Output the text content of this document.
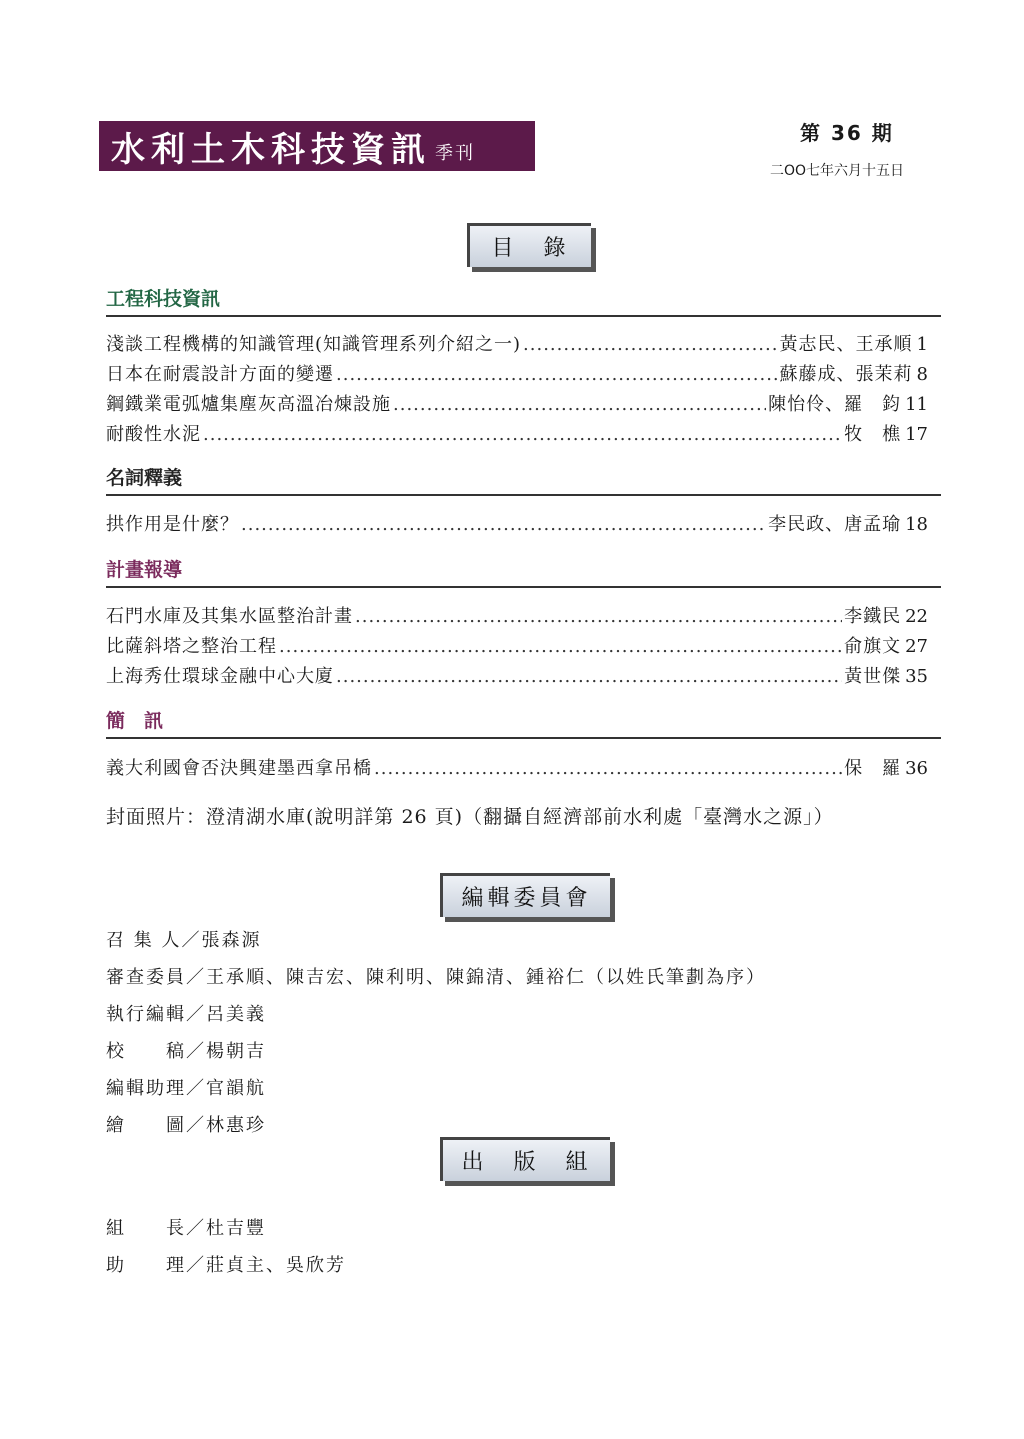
水利土木科技資訊 季刊
第 36 期
二OO七年六月十五日
目　錄
工程科技資訊
淺談工程機構的知識管理(知識管理系列介紹之一) .....	黃志民、王承順 1
日本在耐震設計方面的變遷 .....	蘇藤成、張茉莉 8
鋼鐵業電弧爐集塵灰高溫冶煉設施 .....	陳怡伶、羅　鈞 11
耐酸性水泥 .....	牧　樵 17
名詞釋義
拱作用是什麼？ .....	李民政、唐孟瑜 18
計畫報導
石門水庫及其集水區整治計畫 .....	李鐵民 22
比薩斜塔之整治工程 .....	俞旗文 27
上海秀仕環球金融中心大廈 .....	黃世傑 35
簡　訊
義大利國會否決興建墨西拿吊橋 .....	保　羅 36
封面照片：澄清湖水庫(說明詳第 26 頁)（翻攝自經濟部前水利處「臺灣水之源」）
編輯委員會
召 集 人／張森源
審查委員／王承順、陳吉宏、陳利明、陳錦清、鍾裕仁（以姓氏筆劃為序）
執行編輯／呂美義
校　　稿／楊朝吉
編輯助理／官韻航
繪　　圖／林惠珍
出　版　組
組　　長／杜吉豐
助　　理／莊貞主、吳欣芳
